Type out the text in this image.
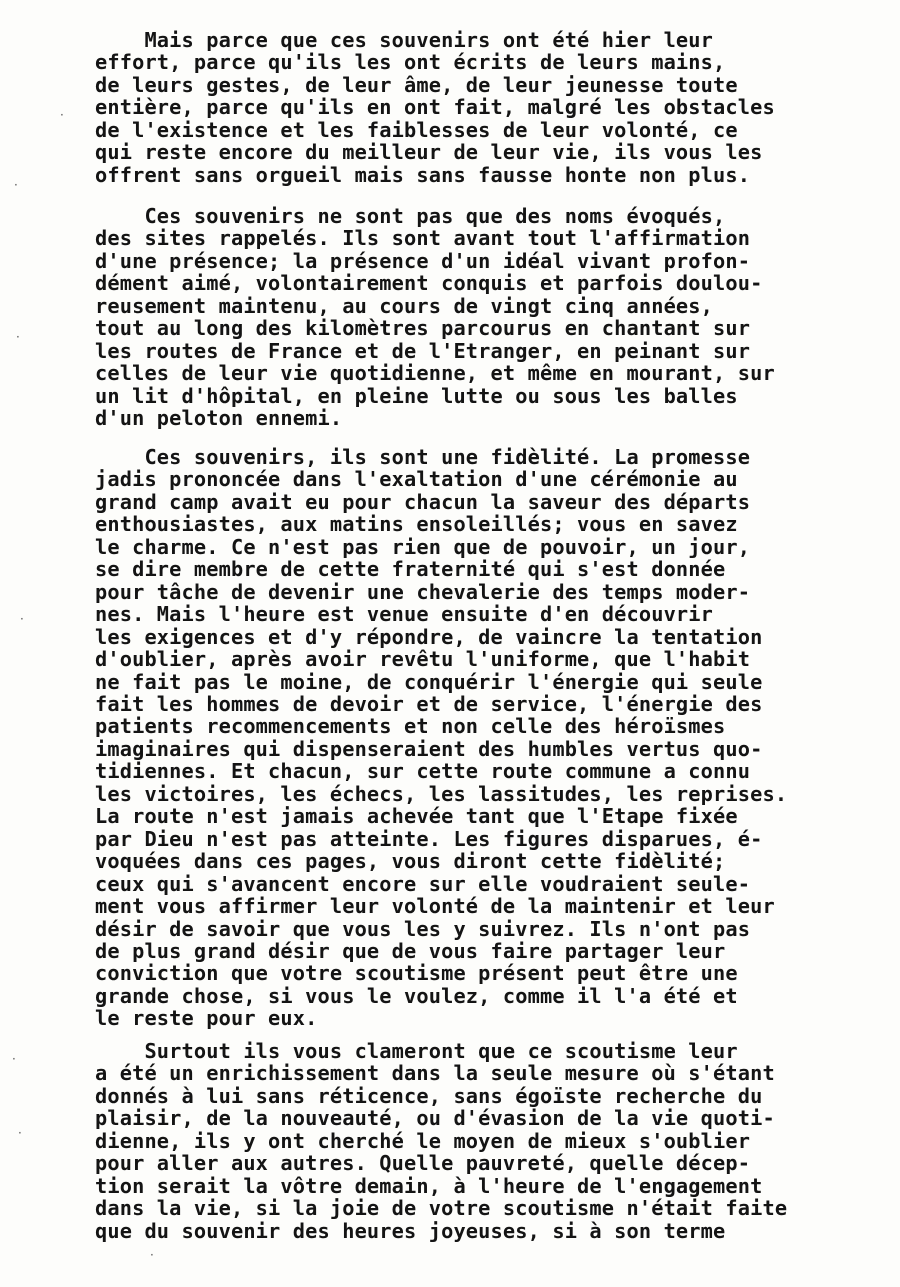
Mais parce que ces souvenirs ont été hier leur
effort, parce qu'ils les ont écrits de leurs mains,
de leurs gestes, de leur âme, de leur jeunesse toute
entière, parce qu'ils en ont fait, malgré les obstacles
de l'existence et les faiblesses de leur volonté, ce
qui reste encore du meilleur de leur vie, ils vous les
offrent sans orgueil mais sans fausse honte non plus.

Ces souvenirs ne sont pas que des noms évoqués,
des sites rappelés. Ils sont avant tout l'affirmation
d'une présence; la présence d'un idéal vivant profon-
dément aimé, volontairement conquis et parfois doulou-
reusement maintenu, au cours de vingt cinq années,
tout au long des kilomètres parcourus en chantant sur
les routes de France et de l'Etranger, en peinant sur
celles de leur vie quotidienne, et même en mourant, sur
un lit d'hôpital, en pleine lutte ou sous les balles
d'un peloton ennemi.

Ces souvenirs, ils sont une fidèlité. La promesse
jadis prononcée dans l'exaltation d'une cérémonie au
grand camp avait eu pour chacun la saveur des départs
enthousiastes, aux matins ensoleillés; vous en savez
le charme. Ce n'est pas rien que de pouvoir, un jour,
se dire membre de cette fraternité qui s'est donnée
pour tâche de devenir une chevalerie des temps moder-
nes. Mais l'heure est venue ensuite d'en découvrir
les exigences et d'y répondre, de vaincre la tentation
d'oublier, après avoir revêtu l'uniforme, que l'habit
ne fait pas le moine, de conquérir l'énergie qui seule
fait les hommes de devoir et de service, l'énergie des
patients recommencements et non celle des héroïsmes
imaginaires qui dispenseraient des humbles vertus quo-
tidiennes. Et chacun, sur cette route commune a connu
les victoires, les échecs, les lassitudes, les reprises.
La route n'est jamais achevée tant que l'Etape fixée
par Dieu n'est pas atteinte. Les figures disparues, é-
voquées dans ces pages, vous diront cette fidèlité;
ceux qui s'avancent encore sur elle voudraient seule-
ment vous affirmer leur volonté de la maintenir et leur
désir de savoir que vous les y suivrez. Ils n'ont pas
de plus grand désir que de vous faire partager leur
conviction que votre scoutisme présent peut être une
grande chose, si vous le voulez, comme il l'a été et
le reste pour eux.

Surtout ils vous clameront que ce scoutisme leur
a été un enrichissement dans la seule mesure où s'étant
donnés à lui sans réticence, sans égoïste recherche du
plaisir, de la nouveauté, ou d'évasion de la vie quoti-
dienne, ils y ont cherché le moyen de mieux s'oublier
pour aller aux autres. Quelle pauvreté, quelle décep-
tion serait la vôtre demain, à l'heure de l'engagement
dans la vie, si la joie de votre scoutisme n'était faite
que du souvenir des heures joyeuses, si à son terme

·
·
·
·
·
·
·
